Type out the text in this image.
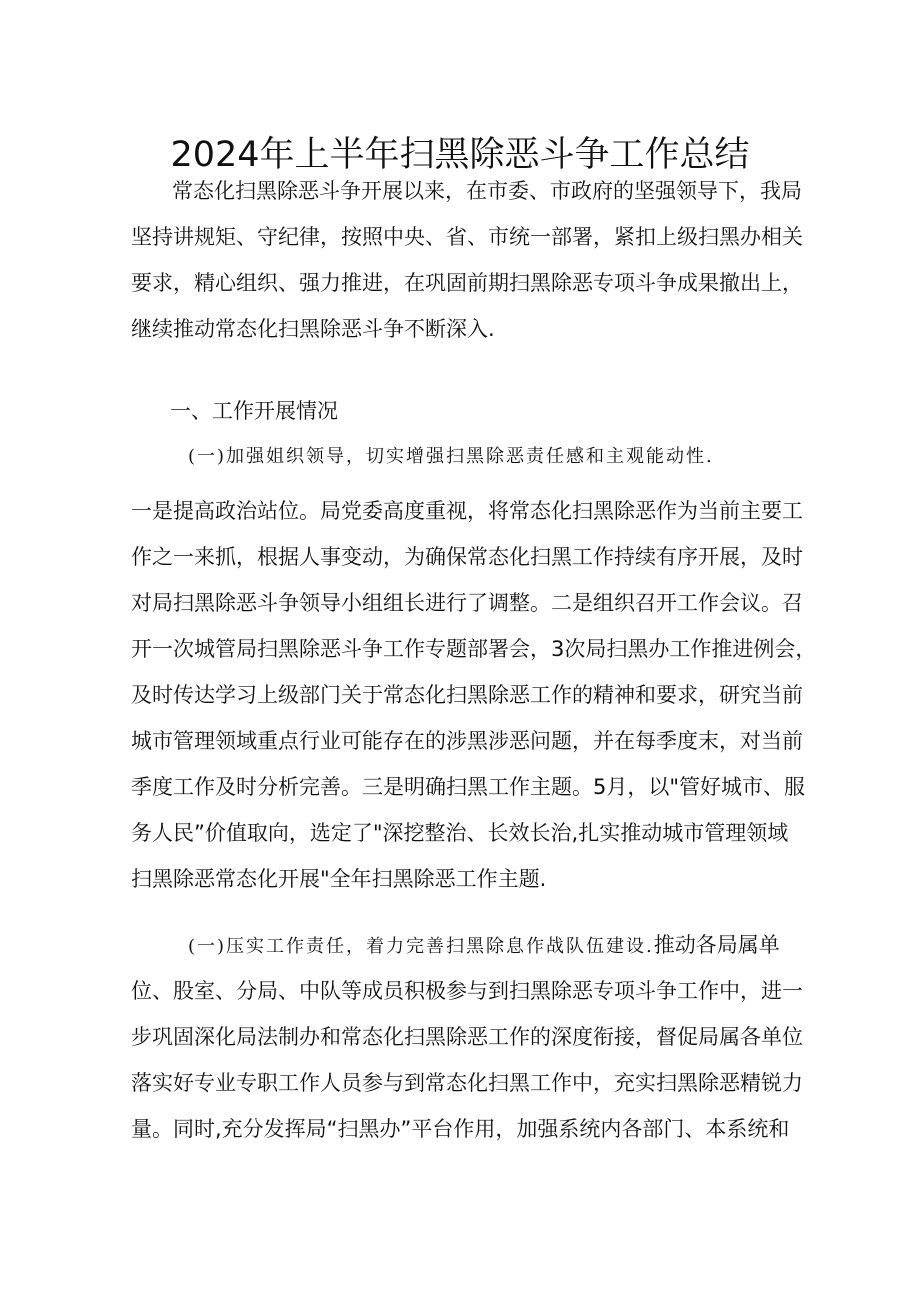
2024年上半年扫黑除恶斗争工作总结
常态化扫黑除恶斗争开展以来，在市委、市政府的坚强领导下，我局
坚持讲规矩、守纪律，按照中央、省、市统一部署，紧扣上级扫黑办相关
要求，精心组织、强力推进，在巩固前期扫黑除恶专项斗争成果撤出上，
继续推动常态化扫黑除恶斗争不断深入.

一、工作开展情况

(一)加强姐织领导，切实增强扫黑除恶责任感和主观能动性.

一是提高政治站位。局党委高度重视，将常态化扫黑除恶作为当前主要工
作之一来抓，根据人事变动，为确保常态化扫黑工作持续有序开展，及时
对局扫黑除恶斗争领导小组组长进行了调整。二是组织召开工作会议。召
开一次城管局扫黑除恶斗争工作专题部署会，3次局扫黑办工作推进例会，
及时传达学习上级部门关于常态化扫黑除恶工作的精神和要求，研究当前
城市管理领域重点行业可能存在的涉黑涉恶问题，并在每季度末，对当前
季度工作及时分析完善。三是明确扫黑工作主题。5月，以"管好城市、服
务人民”价值取向，选定了"深挖整治、长效长治,扎实推动城市管理领域
扫黑除恶常态化开展"全年扫黑除恶工作主题.
(一)压实工作责任，着力完善扫黑除息作战队伍建设.推动各局属单
位、股室、分局、中队等成员积极参与到扫黑除恶专项斗争工作中，进一
步巩固深化局法制办和常态化扫黑除恶工作的深度衔接，督促局属各单位
落实好专业专职工作人员参与到常态化扫黑工作中，充实扫黑除恶精锐力
量。同时,充分发挥局“扫黑办”平台作用，加强系统内各部门、本系统和
